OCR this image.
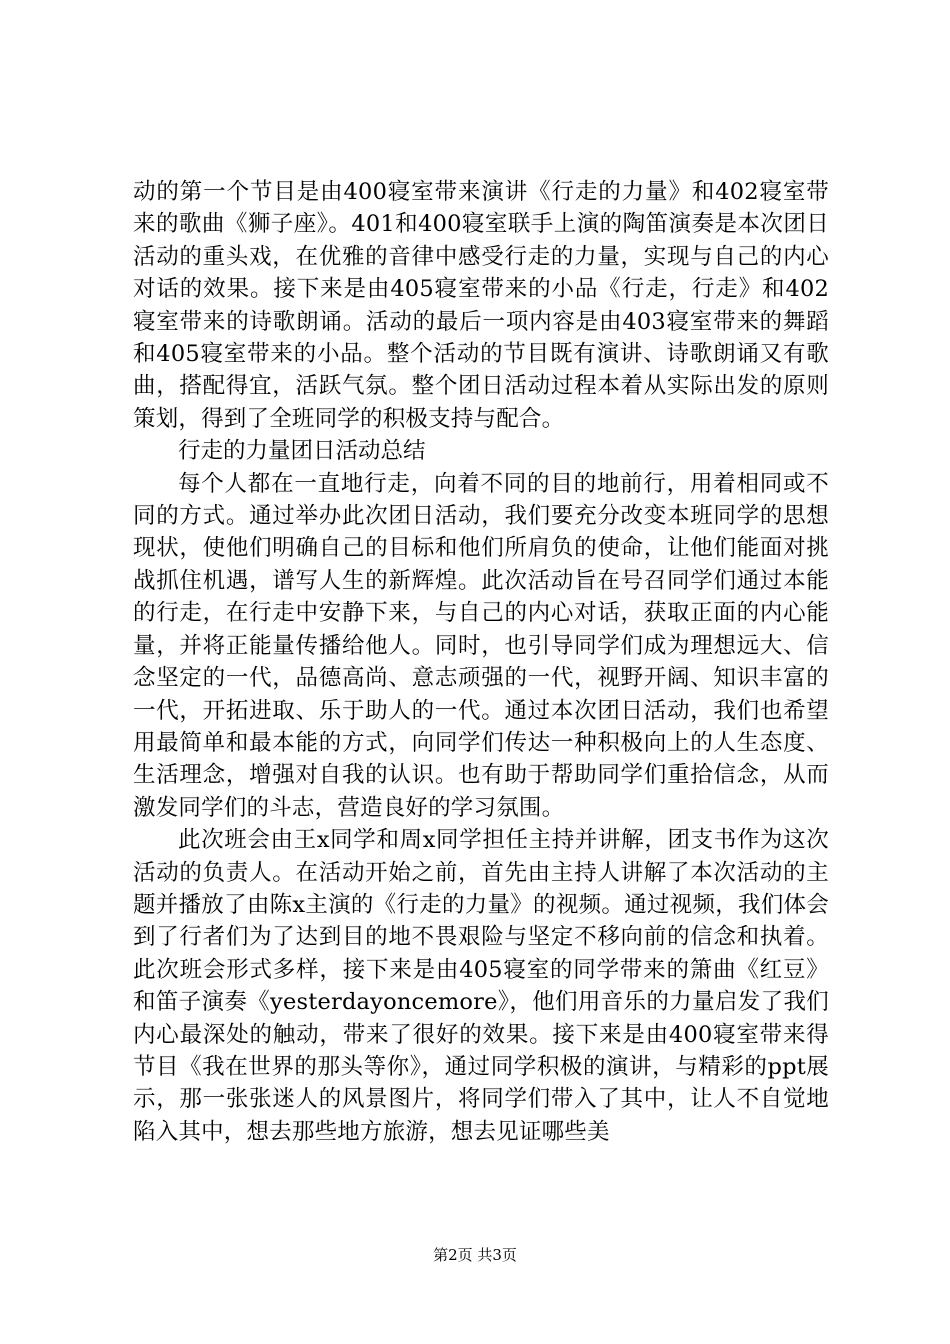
动的第一个节目是由400寝室带来演讲《行走的力量》和402寝室带来的歌曲《狮子座》。401和400寝室联手上演的陶笛演奏是本次团日活动的重头戏，在优雅的音律中感受行走的力量，实现与自己的内心对话的效果。接下来是由405寝室带来的小品《行走，行走》和402寝室带来的诗歌朗诵。活动的最后一项内容是由403寝室带来的舞蹈和405寝室带来的小品。整个活动的节目既有演讲、诗歌朗诵又有歌曲，搭配得宜，活跃气氛。整个团日活动过程本着从实际出发的原则策划，得到了全班同学的积极支持与配合。

行走的力量团日活动总结

每个人都在一直地行走，向着不同的目的地前行，用着相同或不同的方式。通过举办此次团日活动，我们要充分改变本班同学的思想现状，使他们明确自己的目标和他们所肩负的使命，让他们能面对挑战抓住机遇，谱写人生的新辉煌。此次活动旨在号召同学们通过本能的行走，在行走中安静下来，与自己的内心对话，获取正面的内心能量，并将正能量传播给他人。同时，也引导同学们成为理想远大、信念坚定的一代，品德高尚、意志顽强的一代，视野开阔、知识丰富的一代，开拓进取、乐于助人的一代。通过本次团日活动，我们也希望用最简单和最本能的方式，向同学们传达一种积极向上的人生态度、生活理念，增强对自我的认识。也有助于帮助同学们重拾信念，从而激发同学们的斗志，营造良好的学习氛围。

此次班会由王x同学和周x同学担任主持并讲解，团支书作为这次活动的负责人。在活动开始之前，首先由主持人讲解了本次活动的主题并播放了由陈x主演的《行走的力量》的视频。通过视频，我们体会到了行者们为了达到目的地不畏艰险与坚定不移向前的信念和执着。此次班会形式多样，接下来是由405寝室的同学带来的箫曲《红豆》和笛子演奏《yesterdayoncemore》，他们用音乐的力量启发了我们内心最深处的触动，带来了很好的效果。接下来是由400寝室带来得节目《我在世界的那头等你》，通过同学积极的演讲，与精彩的ppt展示，那一张张迷人的风景图片，将同学们带入了其中，让人不自觉地陷入其中，想去那些地方旅游，想去见证哪些美

第2页 共3页
